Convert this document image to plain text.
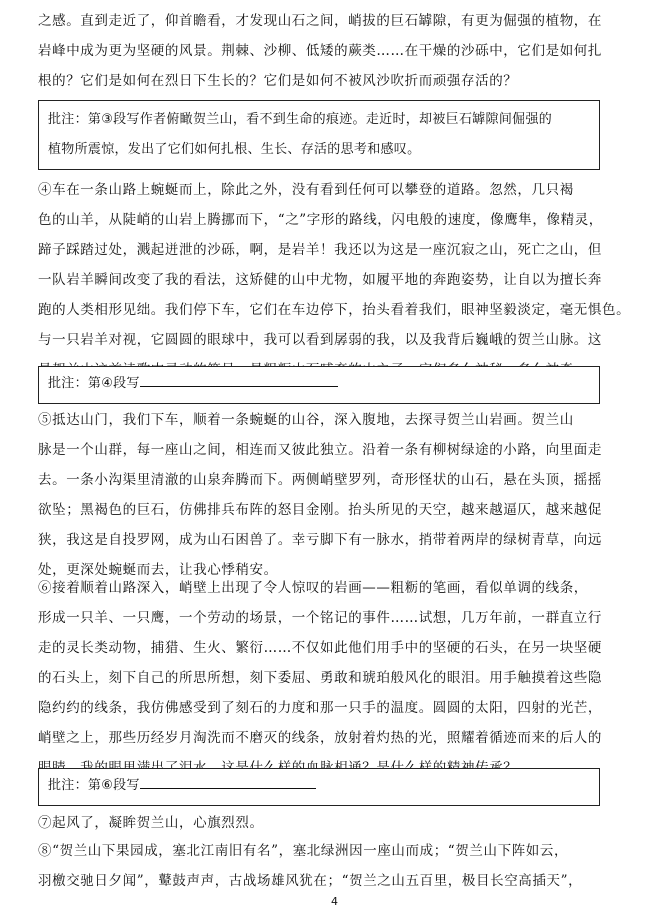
之感。直到走近了，仰首瞻看，才发现山石之间，峭拔的巨石罅隙，有更为倔强的植物，在
岩峰中成为更为坚硬的风景。荆棘、沙柳、低矮的蕨类……在干燥的沙砾中，它们是如何扎
根的？它们是如何在烈日下生长的？它们是如何不被风沙吹折而顽强存活的？
批注：第③段写作者俯瞰贺兰山，看不到生命的痕迹。走近时，却被巨石罅隙间倔强的
植物所震惊，发出了它们如何扎根、生长、存活的思考和感叹。
④车在一条山路上蜿蜒而上，除此之外，没有看到任何可以攀登的道路。忽然，几只褐
色的山羊，从陡峭的山岩上腾挪而下，“之”字形的路线，闪电般的速度，像鹰隼，像精灵，
蹄子踩踏过处，溅起迸泄的沙砾，啊，是岩羊！我还以为这是一座沉寂之山，死亡之山，但
一队岩羊瞬间改变了我的看法，这矫健的山中尤物，如履平地的奔跑姿势，让自以为擅长奔
跑的人类相形见绌。我们停下车，它们在车边停下，抬头看着我们，眼神坚毅淡定，毫无惧色。
与一只岩羊对视，它圆圆的眼球中，我可以看到孱弱的我，以及我背后巍峨的贺兰山脉。这
批注：第④段写
⑤抵达山门，我们下车，顺着一条蜿蜒的山谷，深入腹地，去探寻贺兰山岩画。贺兰山
脉是一个山群，每一座山之间，相连而又彼此独立。沿着一条有柳树绿途的小路，向里面走
去。一条小沟渠里清澈的山泉奔腾而下。两侧峭壁罗列，奇形怪状的山石，悬在头顶，摇摇
欲坠；黑褐色的巨石，仿佛排兵布阵的怒目金刚。抬头所见的天空，越来越逼仄，越来越促
狭，我这是自投罗网，成为山石困兽了。幸亏脚下有一脉水，捎带着两岸的绿树青草，向远
处，更深处蜿蜒而去，让我心悸稍安。
⑥接着顺着山路深入，峭壁上出现了令人惊叹的岩画——粗粝的笔画，看似单调的线条，
形成一只羊、一只鹰，一个劳动的场景，一个铭记的事件……试想，几万年前，一群直立行
走的灵长类动物，捕猎、生火、繁衍……不仅如此他们用手中的坚硬的石头，在另一块坚硬
的石头上，刻下自己的所思所想，刻下委屈、勇敢和琥珀般风化的眼泪。用手触摸着这些隐
隐约约的线条，我仿佛感受到了刻石的力度和那一只手的温度。圆圆的太阳，四射的光芒，
峭壁之上，那些历经岁月淘洗而不磨灭的线条，放射着灼热的光，照耀着循迹而来的后人的
批注：第⑥段写
⑦起风了，凝眸贺兰山，心旗烈烈。
⑧“贺兰山下果园成，塞北江南旧有名”，塞北绿洲因一座山而成；“贺兰山下阵如云，
羽檄交驰日夕闻”，鼙鼓声声，古战场雄风犹在；“贺兰之山五百里，极目长空高插天”，
4
